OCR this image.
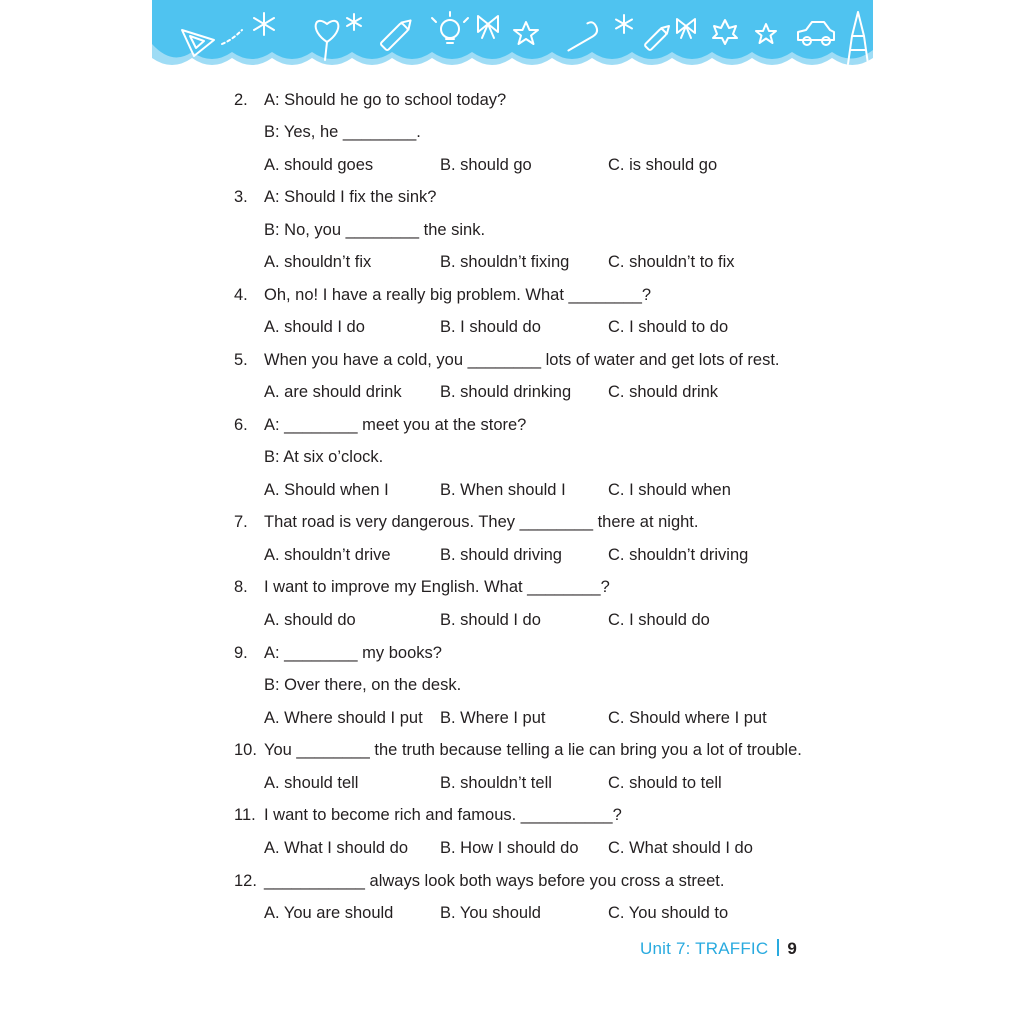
2. A: Should he go to school today?
B: Yes, he ________.
A. should goes	B. should go	C. is should go
3. A: Should I fix the sink?
B: No, you ________ the sink.
A. shouldn’t fix	B. shouldn’t fixing C. shouldn’t to fix
4. Oh, no! I have a really big problem. What ________?
A. should I do	B. I should do	C. I should to do
5. When you have a cold, you ________ lots of water and get lots of rest.
A. are should drink B. should drinking C. should drink
6. A: ________ meet you at the store?
B: At six o’clock.
A. Should when I	B. When should I	C. I should when
7. That road is very dangerous. They ________ there at night.
A. shouldn’t drive	B. should driving	C. shouldn’t driving
8. I want to improve my English. What ________?
A. should do	B. should I do	C. I should do
9. A: ________ my books?
B: Over there, on the desk.
A. Where should I put B. Where I put	C. Should where I put
10. You ________ the truth because telling a lie can bring you a lot of trouble.
A. should tell	B. shouldn’t tell	C. should to tell
11. I want to become rich and famous. __________?
A. What I should do B. How I should do C. What should I do
12. ___________ always look both ways before you cross a street.
A. You are should	B. You should	C. You should to
Unit 7: TRAFFIC 9
